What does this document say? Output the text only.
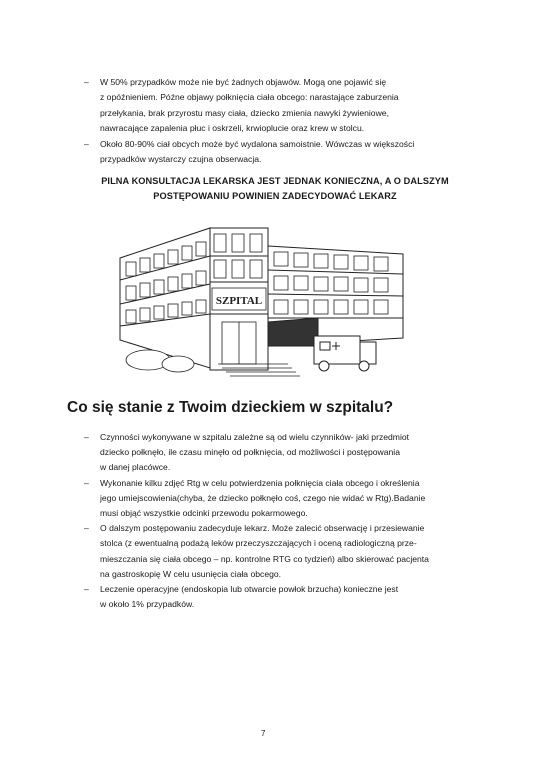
– W 50% przypadków może nie być żadnych objawów. Mogą one pojawić się
z opóźnieniem. Późne objawy połknięcia ciała obcego: narastające zaburzenia
przełykania, brak przyrostu masy ciała, dziecko zmienia nawyki żywieniowe,
nawracające zapalenia płuc i oskrzeli, krwioplucie oraz krew w stolcu.
– Około 80-90% ciał obcych może być wydalona samoistnie. Wówczas w większości
przypadków wystarczy czujna obserwacja.
PILNA KONSULTACJA LEKARSKA JEST JEDNAK KONIECZNA, A O DALSZYM
POSTĘPOWANIU POWINIEN ZADECYDOWAĆ LEKARZ
SZPITAL
Co się stanie z Twoim dzieckiem w szpitalu?
– Czynności wykonywane w szpitalu zależne są od wielu czynników- jaki przedmiot
dziecko połknęło, ile czasu minęło od połknięcia, od możliwości i postępowania
w danej placówce.
– Wykonanie kilku zdjęć Rtg w celu potwierdzenia połknięcia ciała obcego i określenia
jego umiejscowienia(chyba, że dziecko połknęło coś, czego nie widać w Rtg).Badanie
musi objąć wszystkie odcinki przewodu pokarmowego.
– O dalszym postępowaniu zadecyduje lekarz. Może zalecić obserwację i przesiewanie
stolca (z ewentualną podażą leków przeczyszczających i oceną radiologiczną prze-
mieszczania się ciała obcego – np. kontrolne RTG co tydzień) albo skierować pacjenta
na gastroskopię W celu usunięcia ciała obcego.
– Leczenie operacyjne (endoskopia lub otwarcie powłok brzucha) konieczne jest
w około 1% przypadków.
7
